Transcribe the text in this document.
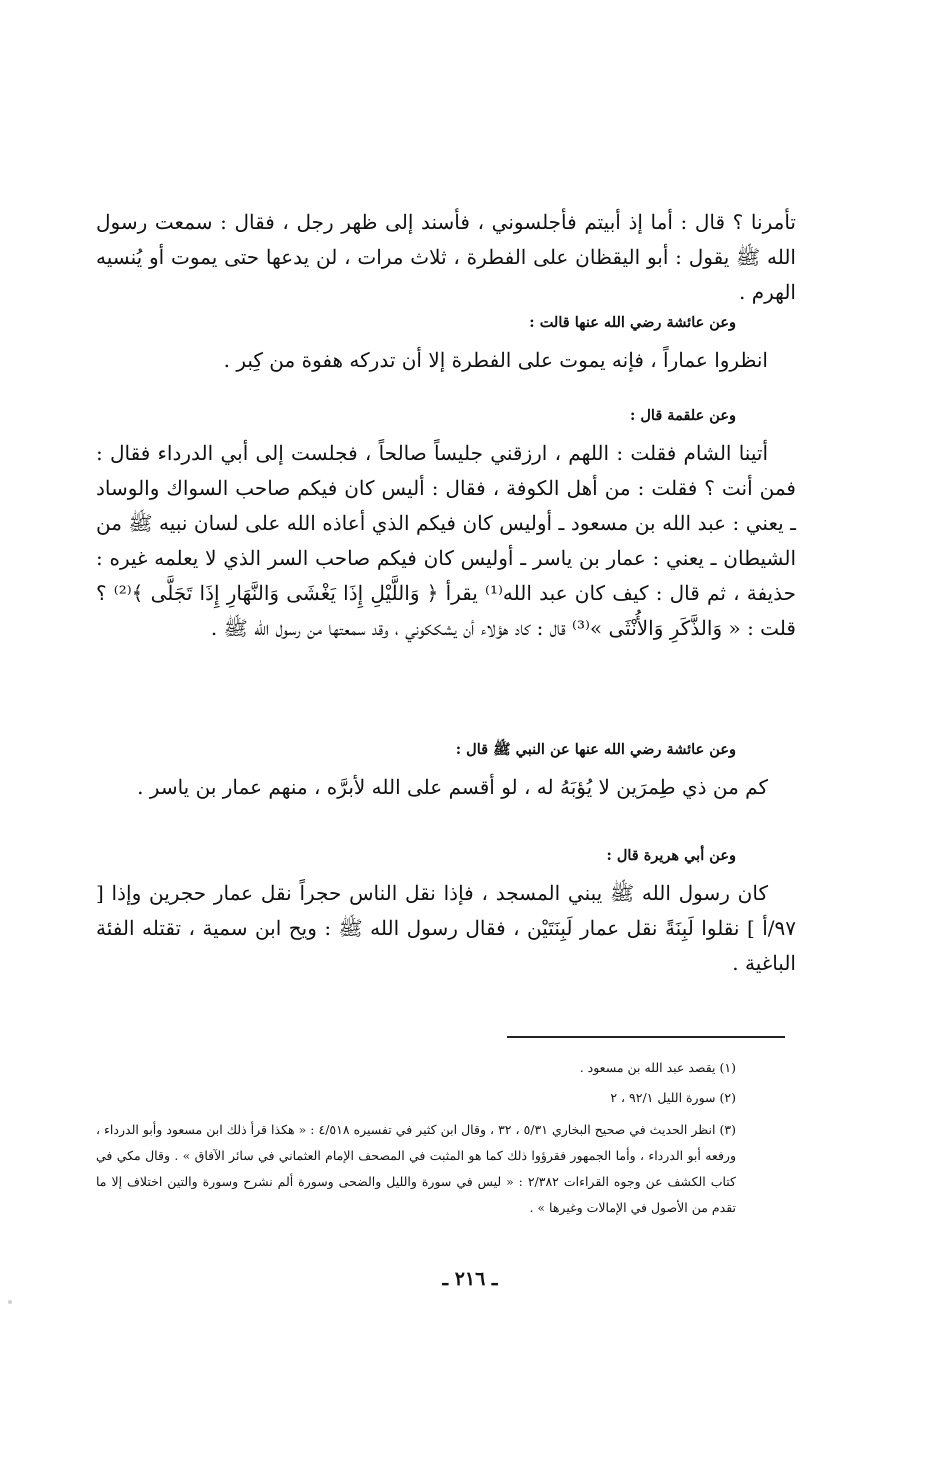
تأمرنا ؟ قال : أما إذ أبيتم فأجلسوني ، فأسند إلى ظهر رجل ، فقال : سمعت رسول الله ﷺ يقول : أبو اليقظان على الفطرة ، ثلاث مرات ، لن يدعها حتى يموت أو يُنسيه الهرم .
وعن عائشة رضي الله عنها قالت :
انظروا عماراً ، فإنه يموت على الفطرة إلا أن تدركه هفوة من كِبر .
وعن علقمة قال :
أتينا الشام فقلت : اللهم ، ارزقني جليساً صالحاً ، فجلست إلى أبي الدرداء فقال : فمن أنت ؟ فقلت : من أهل الكوفة ، فقال : أليس كان فيكم صاحب السواك والوساد ـ يعني : عبد الله بن مسعود ـ أوليس كان فيكم الذي أعاذه الله على لسان نبيه ﷺ من الشيطان ـ يعني : عمار بن ياسر ـ أوليس كان فيكم صاحب السر الذي لا يعلمه غيره : حذيفة ، ثم قال : كيف كان عبد الله⁽¹⁾ يقرأ ﴿ وَاللَّيْلِ إِذَا يَغْشَى وَالنَّهَارِ إِذَا تَجَلَّى ﴾⁽²⁾ ؟ قلت : « وَالذَّكَرِ وَالأُنْثَى »⁽³⁾ قال : كاد هؤلاء أن يشككوني ، وقد سمعتها من رسول الله ﷺ .
وعن عائشة رضي الله عنها عن النبي ﷺ قال :
كم من ذي طِمرَين لا يُؤبَهُ له ، لو أقسم على الله لأبرَّه ، منهم عمار بن ياسر .
وعن أبي هريرة قال :
كان رسول الله ﷺ يبني المسجد ، فإذا نقل الناس حجراً نقل عمار حجرين وإذا [ ٩٧/أ ] نقلوا لَبِنَةً نقل عمار لَبِنَتَيْن ، فقال رسول الله ﷺ : ويح ابن سمية ، تقتله الفئة الباغية .
(١) يقصد عبد الله بن مسعود .
(٢) سورة الليل ٩٢/١ ، ٢
(٣) انظر الحديث في صحيح البخاري ٥/٣١ ، ٣٢ ، وقال ابن كثير في تفسيره ٤/٥١٨ : « هكذا قرأ ذلك ابن مسعود وأبو الدرداء ، ورفعه أبو الدرداء ، وأما الجمهور فقرؤوا ذلك كما هو المثبت في المصحف الإمام العثماني في سائر الآفاق » . وقال مكي في كتاب الكشف عن وجوه القراءات ٢/٣٨٢ : « ليس في سورة والليل والضحى وسورة ألم نشرح وسورة والتين اختلاف إلا ما تقدم من الأصول في الإمالات وغيرها » .
ـ ٢١٦ ـ
